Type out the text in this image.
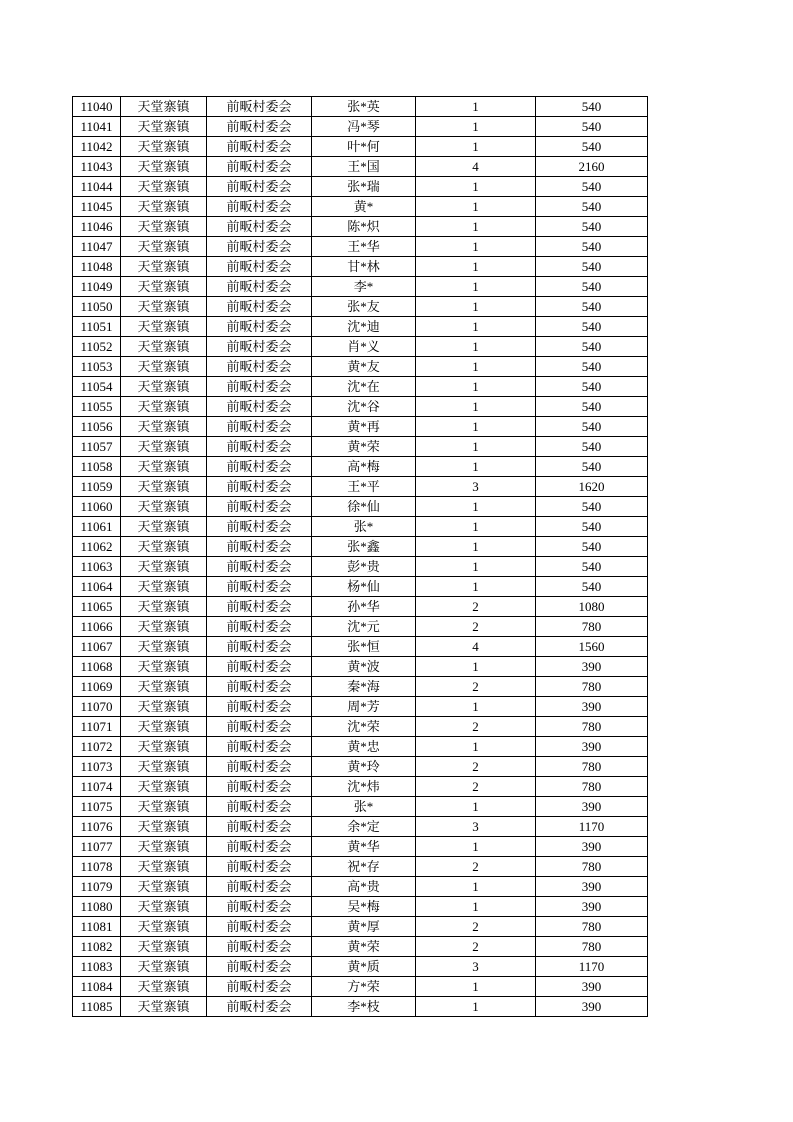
11040	天堂寨镇	前畈村委会	张*英	1	540
11041	天堂寨镇	前畈村委会	冯*琴	1	540
11042	天堂寨镇	前畈村委会	叶*何	1	540
11043	天堂寨镇	前畈村委会	王*国	4	2160
11044	天堂寨镇	前畈村委会	张*瑞	1	540
11045	天堂寨镇	前畈村委会	黄*	1	540
11046	天堂寨镇	前畈村委会	陈*炽	1	540
11047	天堂寨镇	前畈村委会	王*华	1	540
11048	天堂寨镇	前畈村委会	甘*林	1	540
11049	天堂寨镇	前畈村委会	李*	1	540
11050	天堂寨镇	前畈村委会	张*友	1	540
11051	天堂寨镇	前畈村委会	沈*迪	1	540
11052	天堂寨镇	前畈村委会	肖*义	1	540
11053	天堂寨镇	前畈村委会	黄*友	1	540
11054	天堂寨镇	前畈村委会	沈*在	1	540
11055	天堂寨镇	前畈村委会	沈*谷	1	540
11056	天堂寨镇	前畈村委会	黄*再	1	540
11057	天堂寨镇	前畈村委会	黄*荣	1	540
11058	天堂寨镇	前畈村委会	高*梅	1	540
11059	天堂寨镇	前畈村委会	王*平	3	1620
11060	天堂寨镇	前畈村委会	徐*仙	1	540
11061	天堂寨镇	前畈村委会	张*	1	540
11062	天堂寨镇	前畈村委会	张*鑫	1	540
11063	天堂寨镇	前畈村委会	彭*贵	1	540
11064	天堂寨镇	前畈村委会	杨*仙	1	540
11065	天堂寨镇	前畈村委会	孙*华	2	1080
11066	天堂寨镇	前畈村委会	沈*元	2	780
11067	天堂寨镇	前畈村委会	张*恒	4	1560
11068	天堂寨镇	前畈村委会	黄*波	1	390
11069	天堂寨镇	前畈村委会	秦*海	2	780
11070	天堂寨镇	前畈村委会	周*芳	1	390
11071	天堂寨镇	前畈村委会	沈*荣	2	780
11072	天堂寨镇	前畈村委会	黄*忠	1	390
11073	天堂寨镇	前畈村委会	黄*玲	2	780
11074	天堂寨镇	前畈村委会	沈*炜	2	780
11075	天堂寨镇	前畈村委会	张*	1	390
11076	天堂寨镇	前畈村委会	余*定	3	1170
11077	天堂寨镇	前畈村委会	黄*华	1	390
11078	天堂寨镇	前畈村委会	祝*存	2	780
11079	天堂寨镇	前畈村委会	高*贵	1	390
11080	天堂寨镇	前畈村委会	吴*梅	1	390
11081	天堂寨镇	前畈村委会	黄*厚	2	780
11082	天堂寨镇	前畈村委会	黄*荣	2	780
11083	天堂寨镇	前畈村委会	黄*质	3	1170
11084	天堂寨镇	前畈村委会	方*荣	1	390
11085	天堂寨镇	前畈村委会	李*枝	1	390
